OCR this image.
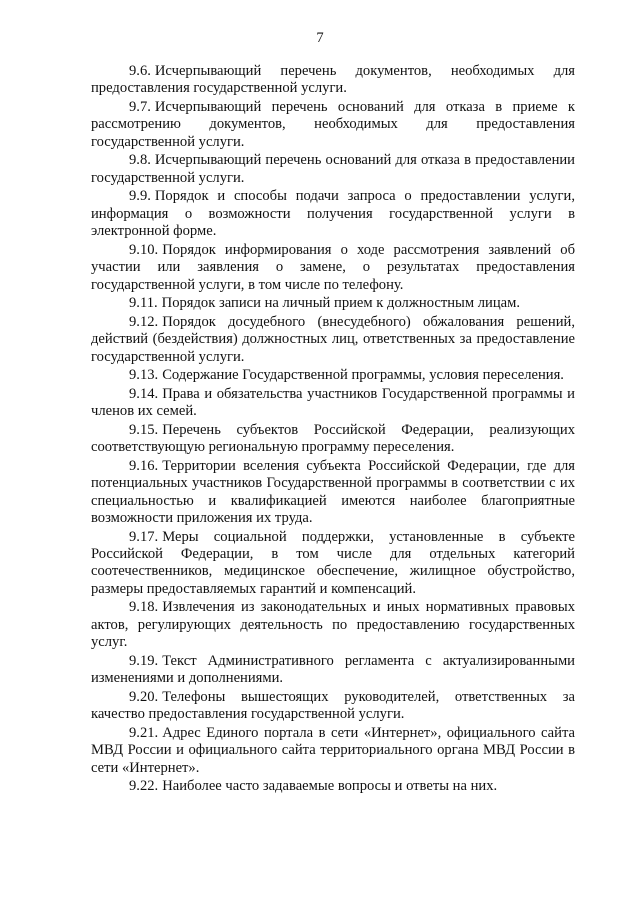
7

9.6. Исчерпывающий перечень документов, необходимых для предоставления государственной услуги.

9.7. Исчерпывающий перечень оснований для отказа в приеме к рассмотрению документов, необходимых для предоставления государственной услуги.

9.8. Исчерпывающий перечень оснований для отказа в предоставлении государственной услуги.

9.9. Порядок и способы подачи запроса о предоставлении услуги, информация о возможности получения государственной услуги в электронной форме.

9.10. Порядок информирования о ходе рассмотрения заявлений об участии или заявления о замене, о результатах предоставления государственной услуги, в том числе по телефону.

9.11. Порядок записи на личный прием к должностным лицам.

9.12. Порядок досудебного (внесудебного) обжалования решений, действий (бездействия) должностных лиц, ответственных за предоставление государственной услуги.

9.13. Содержание Государственной программы, условия переселения.

9.14. Права и обязательства участников Государственной программы и членов их семей.

9.15. Перечень субъектов Российской Федерации, реализующих соответствующую региональную программу переселения.

9.16. Территории вселения субъекта Российской Федерации, где для потенциальных участников Государственной программы в соответствии с их специальностью и квалификацией имеются наиболее благоприятные возможности приложения их труда.

9.17. Меры социальной поддержки, установленные в субъекте Российской Федерации, в том числе для отдельных категорий соотечественников, медицинское обеспечение, жилищное обустройство, размеры предоставляемых гарантий и компенсаций.

9.18. Извлечения из законодательных и иных нормативных правовых актов, регулирующих деятельность по предоставлению государственных услуг.

9.19. Текст Административного регламента с актуализированными изменениями и дополнениями.

9.20. Телефоны вышестоящих руководителей, ответственных за качество предоставления государственной услуги.

9.21. Адрес Единого портала в сети «Интернет», официального сайта МВД России и официального сайта территориального органа МВД России в сети «Интернет».

9.22. Наиболее часто задаваемые вопросы и ответы на них.
